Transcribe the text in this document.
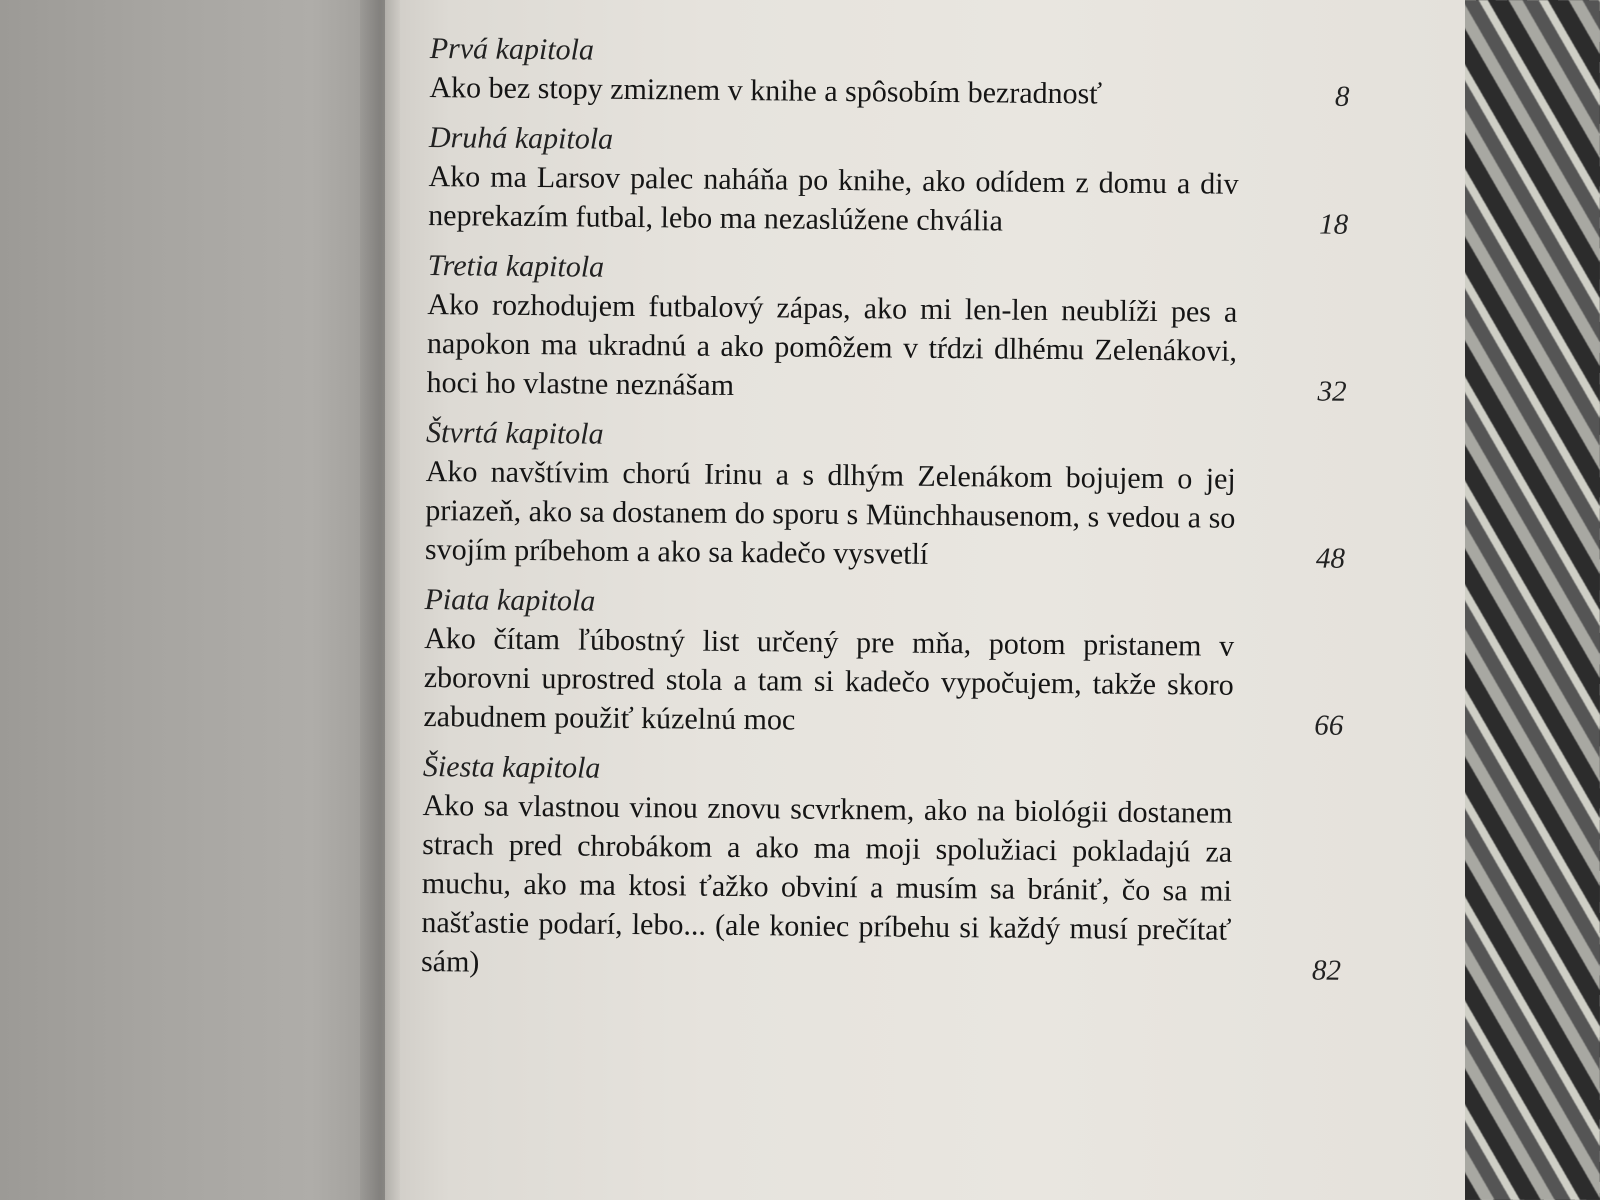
Prvá kapitola
Ako bez stopy zmiznem v knihe a spôsobím bezradnosť	8
Druhá kapitola
Ako ma Larsov palec naháňa po knihe, ako odídem z domu a div neprekazím futbal, lebo ma nezaslúžene chvália	18
Tretia kapitola
Ako rozhodujem futbalový zápas, ako mi len-len neublíži pes a napokon ma ukradnú a ako pomôžem v tŕdzi dlhému Zelenákovi, hoci ho vlastne neznášam	32
Štvrtá kapitola
Ako navštívim chorú Irinu a s dlhým Zelenákom bojujem o jej priazeň, ako sa dostanem do sporu s Münchhausenom, s vedou a so svojím príbehom a ako sa kadečo vysvetlí	48
Piata kapitola
Ako čítam ľúbostný list určený pre mňa, potom pristanem v zborovni uprostred stola a tam si kadečo vypočujem, takže skoro zabudnem použiť kúzelnú moc	66
Šiesta kapitola
Ako sa vlastnou vinou znovu scvrknem, ako na biológii dostanem strach pred chrobákom a ako ma moji spolužiaci pokladajú za muchu, ako ma ktosi ťažko obviní a musím sa brániť, čo sa mi našťastie podarí, lebo... (ale koniec príbehu si každý musí prečítať sám)	82
